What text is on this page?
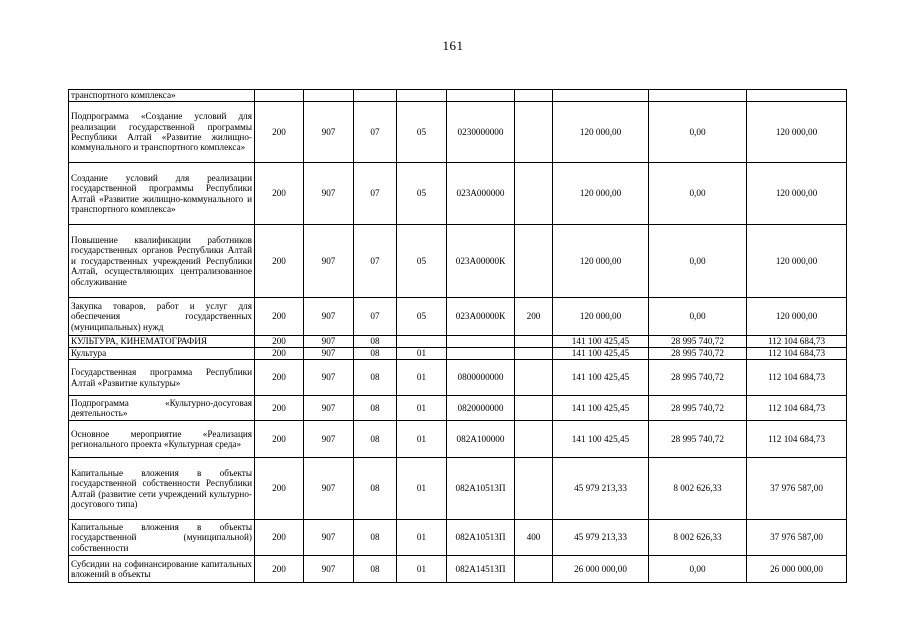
161
транспортного комплекса»									
Подпрограмма «Создание условий для реализации государственной программы Республики Алтай «Развитие жилищно-коммунального и транспортного комплекса»	200	907	07	05	0230000000		120 000,00	0,00	120 000,00
Создание условий для реализации государственной программы Республики Алтай «Развитие жилищно-коммунального и транспортного комплекса»	200	907	07	05	023А000000		120 000,00	0,00	120 000,00
Повышение квалификации работников государственных органов Республики Алтай и государственных учреждений Республики Алтай, осуществляющих централизованное обслуживание	200	907	07	05	023А00000К		120 000,00	0,00	120 000,00
Закупка товаров, работ и услуг для обеспечения государственных (муниципальных) нужд	200	907	07	05	023А00000К	200	120 000,00	0,00	120 000,00
КУЛЬТУРА, КИНЕМАТОГРАФИЯ	200	907	08				141 100 425,45	28 995 740,72	112 104 684,73
Культура	200	907	08	01			141 100 425,45	28 995 740,72	112 104 684,73
Государственная программа Республики Алтай «Развитие культуры»	200	907	08	01	0800000000		141 100 425,45	28 995 740,72	112 104 684,73
Подпрограмма «Культурно-досуговая деятельность»	200	907	08	01	0820000000		141 100 425,45	28 995 740,72	112 104 684,73
Основное мероприятие «Реализация регионального проекта «Культурная среда»	200	907	08	01	082А100000		141 100 425,45	28 995 740,72	112 104 684,73
Капитальные вложения в объекты государственной собственности Республики Алтай (развитие сети учреждений культурно-досугового типа)	200	907	08	01	082А10513П		45 979 213,33	8 002 626,33	37 976 587,00
Капитальные вложения в объекты государственной (муниципальной) собственности	200	907	08	01	082А10513П	400	45 979 213,33	8 002 626,33	37 976 587,00
Субсидии на софинансирование капитальных вложений в объекты	200	907	08	01	082А14513П		26 000 000,00	0,00	26 000 000,00
